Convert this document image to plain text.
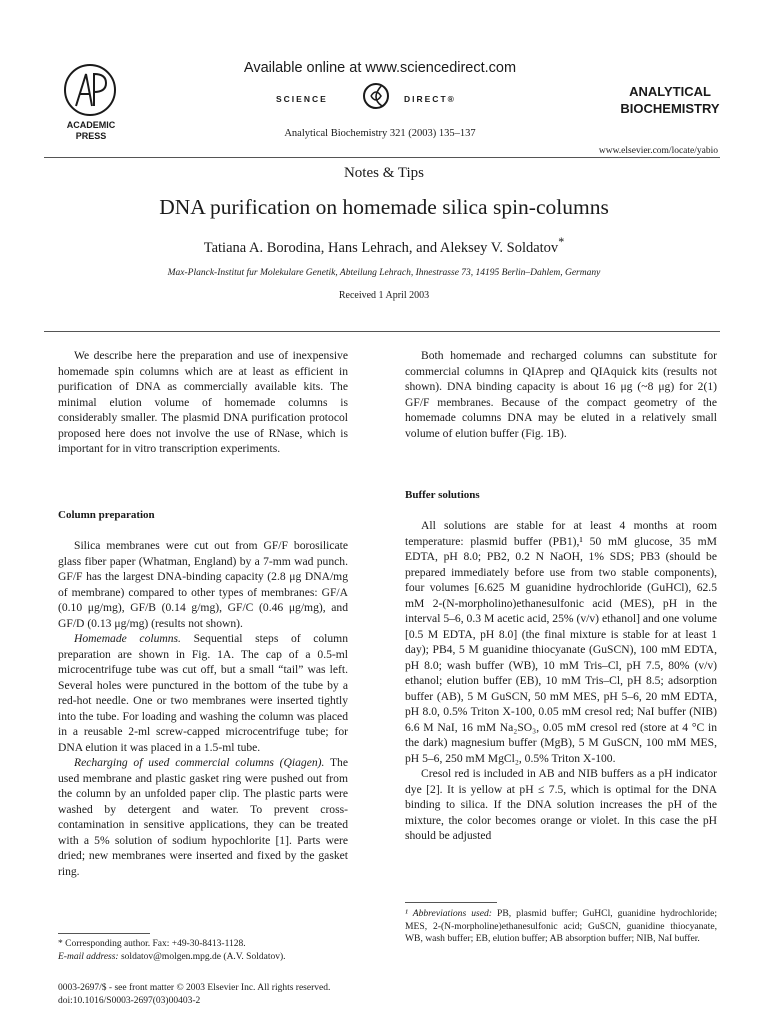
ACADEMIC
PRESS
Available online at www.sciencedirect.com
SCIENCE	DIRECT®
Analytical Biochemistry 321 (2003) 135–137
ANALYTICAL
BIOCHEMISTRY
www.elsevier.com/locate/yabio
Notes & Tips
DNA purification on homemade silica spin-columns
Tatiana A. Borodina, Hans Lehrach, and Aleksey V. Soldatov*
Max-Planck-Institut fur Molekulare Genetik, Abteilung Lehrach, Ihnestrasse 73, 14195 Berlin–Dahlem, Germany
Received 1 April 2003

We describe here the preparation and use of inexpensive homemade spin columns which are at least as efficient in purification of DNA as commercially available kits. The minimal elution volume of homemade columns is considerably smaller. The plasmid DNA purification protocol proposed here does not involve the use of RNase, which is important for in vitro transcription experiments.

Column preparation

Silica membranes were cut out from GF/F borosilicate glass fiber paper (Whatman, England) by a 7-mm wad punch. GF/F has the largest DNA-binding capacity (2.8 μg DNA/mg of membrane) compared to other types of membranes: GF/A (0.10 μg/mg), GF/B (0.14 g/mg), GF/C (0.46 μg/mg), and GF/D (0.13 μg/mg) (results not shown).

Homemade columns. Sequential steps of column preparation are shown in Fig. 1A. The cap of a 0.5-ml microcentrifuge tube was cut off, but a small “tail” was left. Several holes were punctured in the bottom of the tube by a red-hot needle. One or two membranes were inserted tightly into the tube. For loading and washing the column was placed in a reusable 2-ml screw-capped microcentrifuge tube; for DNA elution it was placed in a 1.5-ml tube.

Recharging of used commercial columns (Qiagen). The used membrane and plastic gasket ring were pushed out from the column by an unfolded paper clip. The plastic parts were washed by detergent and water. To prevent cross-contamination in sensitive applications, they can be treated with a 5% solution of sodium hypochlorite [1]. Parts were dried; new membranes were inserted and fixed by the gasket ring.

Both homemade and recharged columns can substitute for commercial columns in QIAprep and QIAquick kits (results not shown). DNA binding capacity is about 16 μg (~8 μg) for 2(1) GF/F membranes. Because of the compact geometry of the homemade columns DNA may be eluted in a relatively small volume of elution buffer (Fig. 1B).

Buffer solutions

All solutions are stable for at least 4 months at room temperature: plasmid buffer (PB1),¹ 50 mM glucose, 35 mM EDTA, pH 8.0; PB2, 0.2 N NaOH, 1% SDS; PB3 (should be prepared immediately before use from two stable components), four volumes [6.625 M guanidine hydrochloride (GuHCl), 62.5 mM 2-(N-morpholino)ethanesulfonic acid (MES), pH in the interval 5–6, 0.3 M acetic acid, 25% (v/v) ethanol] and one volume [0.5 M EDTA, pH 8.0] (the final mixture is stable for at least 1 day); PB4, 5 M guanidine thiocyanate (GuSCN), 100 mM EDTA, pH 8.0; wash buffer (WB), 10 mM Tris–Cl, pH 7.5, 80% (v/v) ethanol; elution buffer (EB), 10 mM Tris–Cl, pH 8.5; adsorption buffer (AB), 5 M GuSCN, 50 mM MES, pH 5–6, 20 mM EDTA, pH 8.0, 0.5% Triton X-100, 0.05 mM cresol red; NaI buffer (NIB) 6.6 M NaI, 16 mM Na₂SO₃, 0.05 mM cresol red (store at 4 °C in the dark) magnesium buffer (MgB), 5 M GuSCN, 100 mM MES, pH 5–6, 250 mM MgCl₂, 0.5% Triton X-100.

Cresol red is included in AB and NIB buffers as a pH indicator dye [2]. It is yellow at pH ≤ 7.5, which is optimal for the DNA binding to silica. If the DNA solution increases the pH of the mixture, the color becomes orange or violet. In this case the pH should be adjusted

* Corresponding author. Fax: +49-30-8413-1128.
E-mail address: soldatov@molgen.mpg.de (A.V. Soldatov).
¹ Abbreviations used: PB, plasmid buffer; GuHCl, guanidine hydrochloride; MES, 2-(N-morpholine)ethanesulfonic acid; GuSCN, guanidine thiocyanate, WB, wash buffer; EB, elution buffer; AB absorption buffer; NIB, NaI buffer.
0003-2697/$ - see front matter © 2003 Elsevier Inc. All rights reserved.
doi:10.1016/S0003-2697(03)00403-2
